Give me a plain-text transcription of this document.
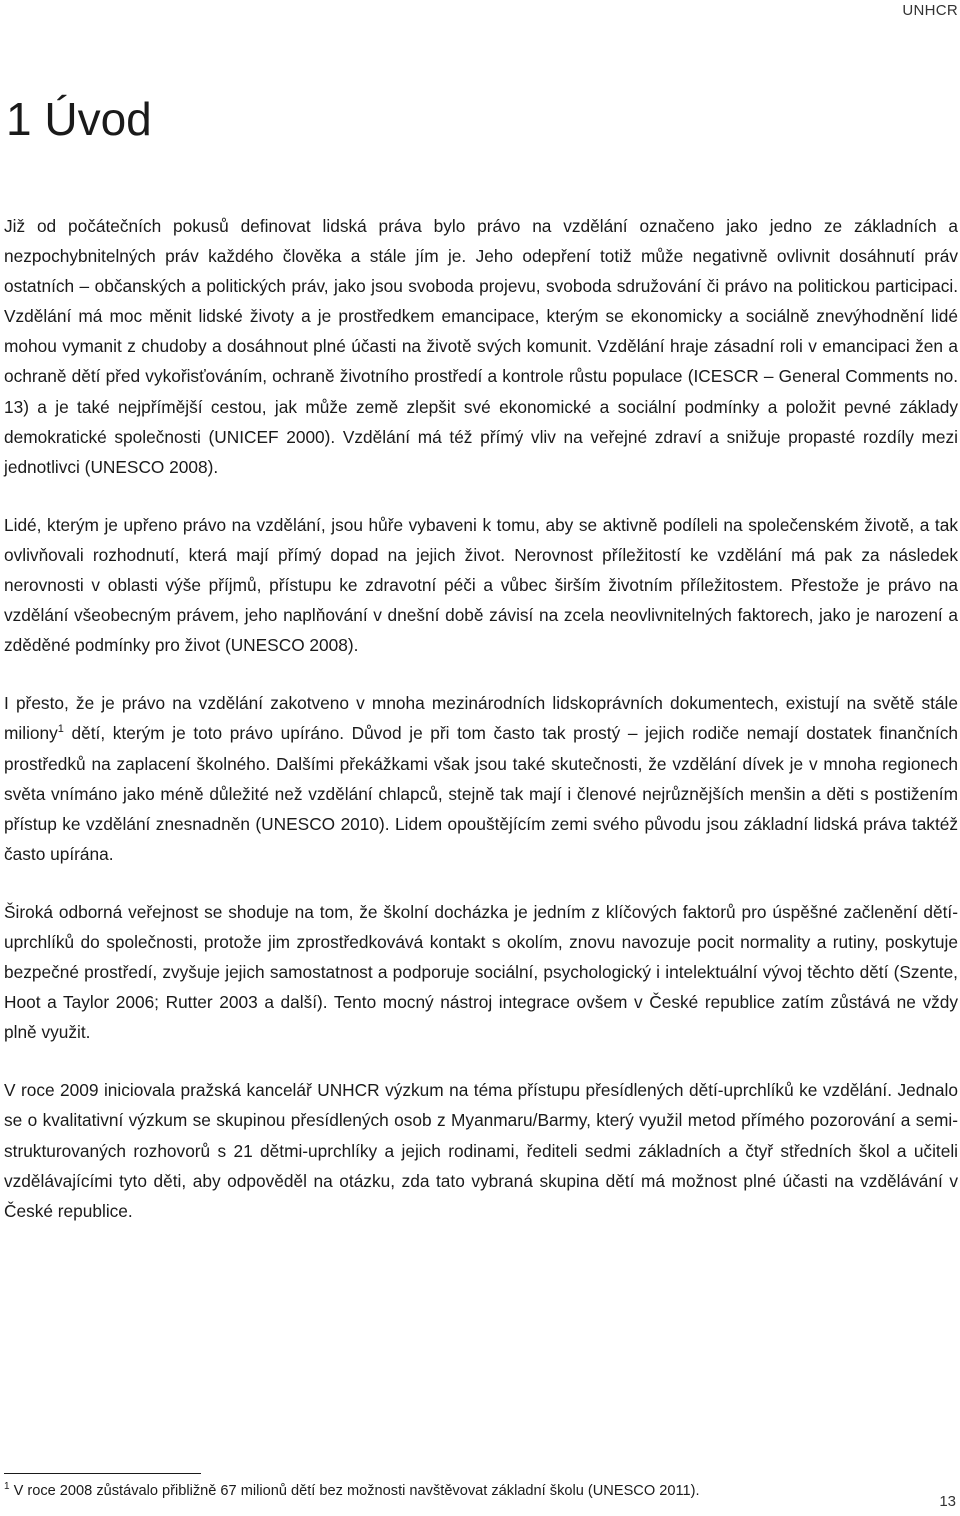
UNHCR
1 Úvod

Již od počátečních pokusů definovat lidská práva bylo právo na vzdělání označeno jako jedno ze základních a nezpochybnitelných práv každého člověka a stále jím je. Jeho odepření totiž může negativně ovlivnit dosáhnutí práv ostatních – občanských a politických práv, jako jsou svoboda projevu, svoboda sdružování či právo na politickou participaci. Vzdělání má moc měnit lidské životy a je prostředkem emancipace, kterým se ekonomicky a sociálně znevýhodnění lidé mohou vymanit z chudoby a dosáhnout plné účasti na životě svých komunit. Vzdělání hraje zásadní roli v emancipaci žen a ochraně dětí před vykořisťováním, ochraně životního prostředí a kontrole růstu populace (ICESCR – General Comments no. 13) a je také nejpřímější cestou, jak může země zlepšit své ekonomické a sociální podmínky a položit pevné základy demokratické společnosti (UNICEF 2000). Vzdělání má též přímý vliv na veřejné zdraví a snižuje propasté rozdíly mezi jednotlivci (UNESCO 2008).

Lidé, kterým je upřeno právo na vzdělání, jsou hůře vybaveni k tomu, aby se aktivně podíleli na společenském životě, a tak ovlivňovali rozhodnutí, která mají přímý dopad na jejich život. Nerovnost příležitostí ke vzdělání má pak za následek nerovnosti v oblasti výše příjmů, přístupu ke zdravotní péči a vůbec širším životním příležitostem. Přestože je právo na vzdělání všeobecným právem, jeho naplňování v dnešní době závisí na zcela neovlivnitelných faktorech, jako je narození a zděděné podmínky pro život (UNESCO 2008).

I přesto, že je právo na vzdělání zakotveno v mnoha mezinárodních lidskoprávních dokumentech, existují na světě stále miliony$^1$ dětí, kterým je toto právo upíráno. Důvod je při tom často tak prostý – jejich rodiče nemají dostatek finančních prostředků na zaplacení školného. Dalšími překážkami však jsou také skutečnosti, že vzdělání dívek je v mnoha regionech světa vnímáno jako méně důležité než vzdělání chlapců, stejně tak mají i členové nejrůznějších menšin a děti s postižením přístup ke vzdělání znesnadněn (UNESCO 2010). Lidem opouštějícím zemi svého původu jsou základní lidská práva taktéž často upírána.

Široká odborná veřejnost se shoduje na tom, že školní docházka je jedním z klíčových faktorů pro úspěšné začlenění dětí-uprchlíků do společnosti, protože jim zprostředkovává kontakt s okolím, znovu navozuje pocit normality a rutiny, poskytuje bezpečné prostředí, zvyšuje jejich samostatnost a podporuje sociální, psychologický i intelektuální vývoj těchto dětí (Szente, Hoot a Taylor 2006; Rutter 2003 a další). Tento mocný nástroj integrace ovšem v České republice zatím zůstává ne vždy plně využit.

V roce 2009 iniciovala pražská kancelář UNHCR výzkum na téma přístupu přesídlených dětí-uprchlíků ke vzdělání. Jednalo se o kvalitativní výzkum se skupinou přesídlených osob z Myanmaru/Barmy, který využil metod přímého pozorování a semi-strukturovaných rozhovorů s 21 dětmi-uprchlíky a jejich rodinami, řediteli sedmi základních a čtyř středních škol a učiteli vzdělávajícími tyto děti, aby odpověděl na otázku, zda tato vybraná skupina dětí má možnost plné účasti na vzdělávání v České republice.

$^1$ V roce 2008 zůstávalo přibližně 67 milionů dětí bez možnosti navštěvovat základní školu (UNESCO 2011).
13
